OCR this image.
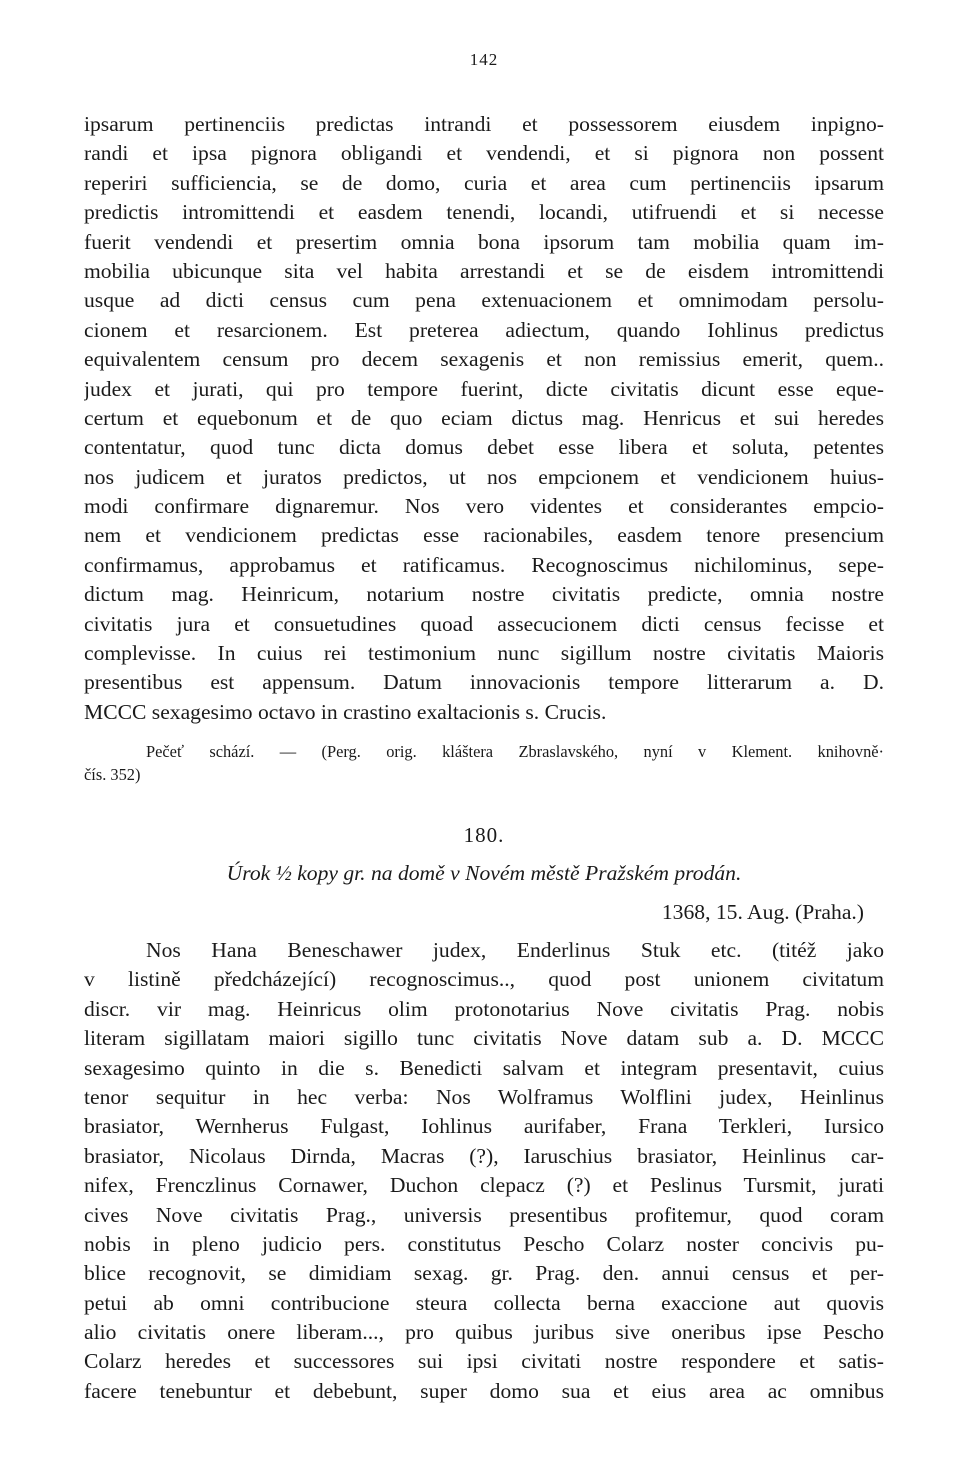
142
ipsarum pertinenciis predictas intrandi et possessorem eiusdem inpigno-
randi et ipsa pignora obligandi et vendendi, et si pignora non possent
reperiri sufficiencia, se de domo, curia et area cum pertinenciis ipsarum
predictis intromittendi et easdem tenendi, locandi, utifruendi et si necesse
fuerit vendendi et presertim omnia bona ipsorum tam mobilia quam im-
mobilia ubicunque sita vel habita arrestandi et se de eisdem intromittendi
usque ad dicti census cum pena extenuacionem et omnimodam persolu-
cionem et resarcionem. Est preterea adiectum, quando Iohlinus predictus
equivalentem censum pro decem sexagenis et non remissius emerit, quem..
judex et jurati, qui pro tempore fuerint, dicte civitatis dicunt esse eque-
certum et equebonum et de quo eciam dictus mag. Henricus et sui heredes
contentatur, quod tunc dicta domus debet esse libera et soluta, petentes
nos judicem et juratos predictos, ut nos empcionem et vendicionem huius-
modi confirmare dignaremur. Nos vero videntes et considerantes empcio-
nem et vendicionem predictas esse racionabiles, easdem tenore presencium
confirmamus, approbamus et ratificamus. Recognoscimus nichilominus, sepe-
dictum mag. Heinricum, notarium nostre civitatis predicte, omnia nostre
civitatis jura et consuetudines quoad assecucionem dicti census fecisse et
complevisse. In cuius rei testimonium nunc sigillum nostre civitatis Maioris
presentibus est appensum. Datum innovacionis tempore litterarum a. D.
MCCC sexagesimo octavo in crastino exaltacionis s. Crucis.
Pečeť schází. — (Perg. orig. kláštera Zbraslavského, nyní v Klement. knihovně·
čís. 352)
180.
Úrok ½ kopy gr. na domě v Novém městě Pražském prodán.
1368, 15. Aug. (Praha.)
Nos Hana Beneschawer judex, Enderlinus Stuk etc. (titéž jako
v listině předcházející) recognoscimus.., quod post unionem civitatum
discr. vir mag. Heinricus olim protonotarius Nove civitatis Prag. nobis
literam sigillatam maiori sigillo tunc civitatis Nove datam sub a. D. MCCC
sexagesimo quinto in die s. Benedicti salvam et integram presentavit, cuius
tenor sequitur in hec verba: Nos Wolframus Wolflini judex, Heinlinus
brasiator, Wernherus Fulgast, Iohlinus aurifaber, Frana Terkleri, Iursico
brasiator, Nicolaus Dirnda, Macras (?), Iaruschius brasiator, Heinlinus car-
nifex, Frenczlinus Cornawer, Duchon clepacz (?) et Peslinus Tursmit, jurati
cives Nove civitatis Prag., universis presentibus profitemur, quod coram
nobis in pleno judicio pers. constitutus Pescho Colarz noster concivis pu-
blice recognovit, se dimidiam sexag. gr. Prag. den. annui census et per-
petui ab omni contribucione steura collecta berna exaccione aut quovis
alio civitatis onere liberam..., pro quibus juribus sive oneribus ipse Pescho
Colarz heredes et successores sui ipsi civitati nostre respondere et satis-
facere tenebuntur et debebunt, super domo sua et eius area ac omnibus
